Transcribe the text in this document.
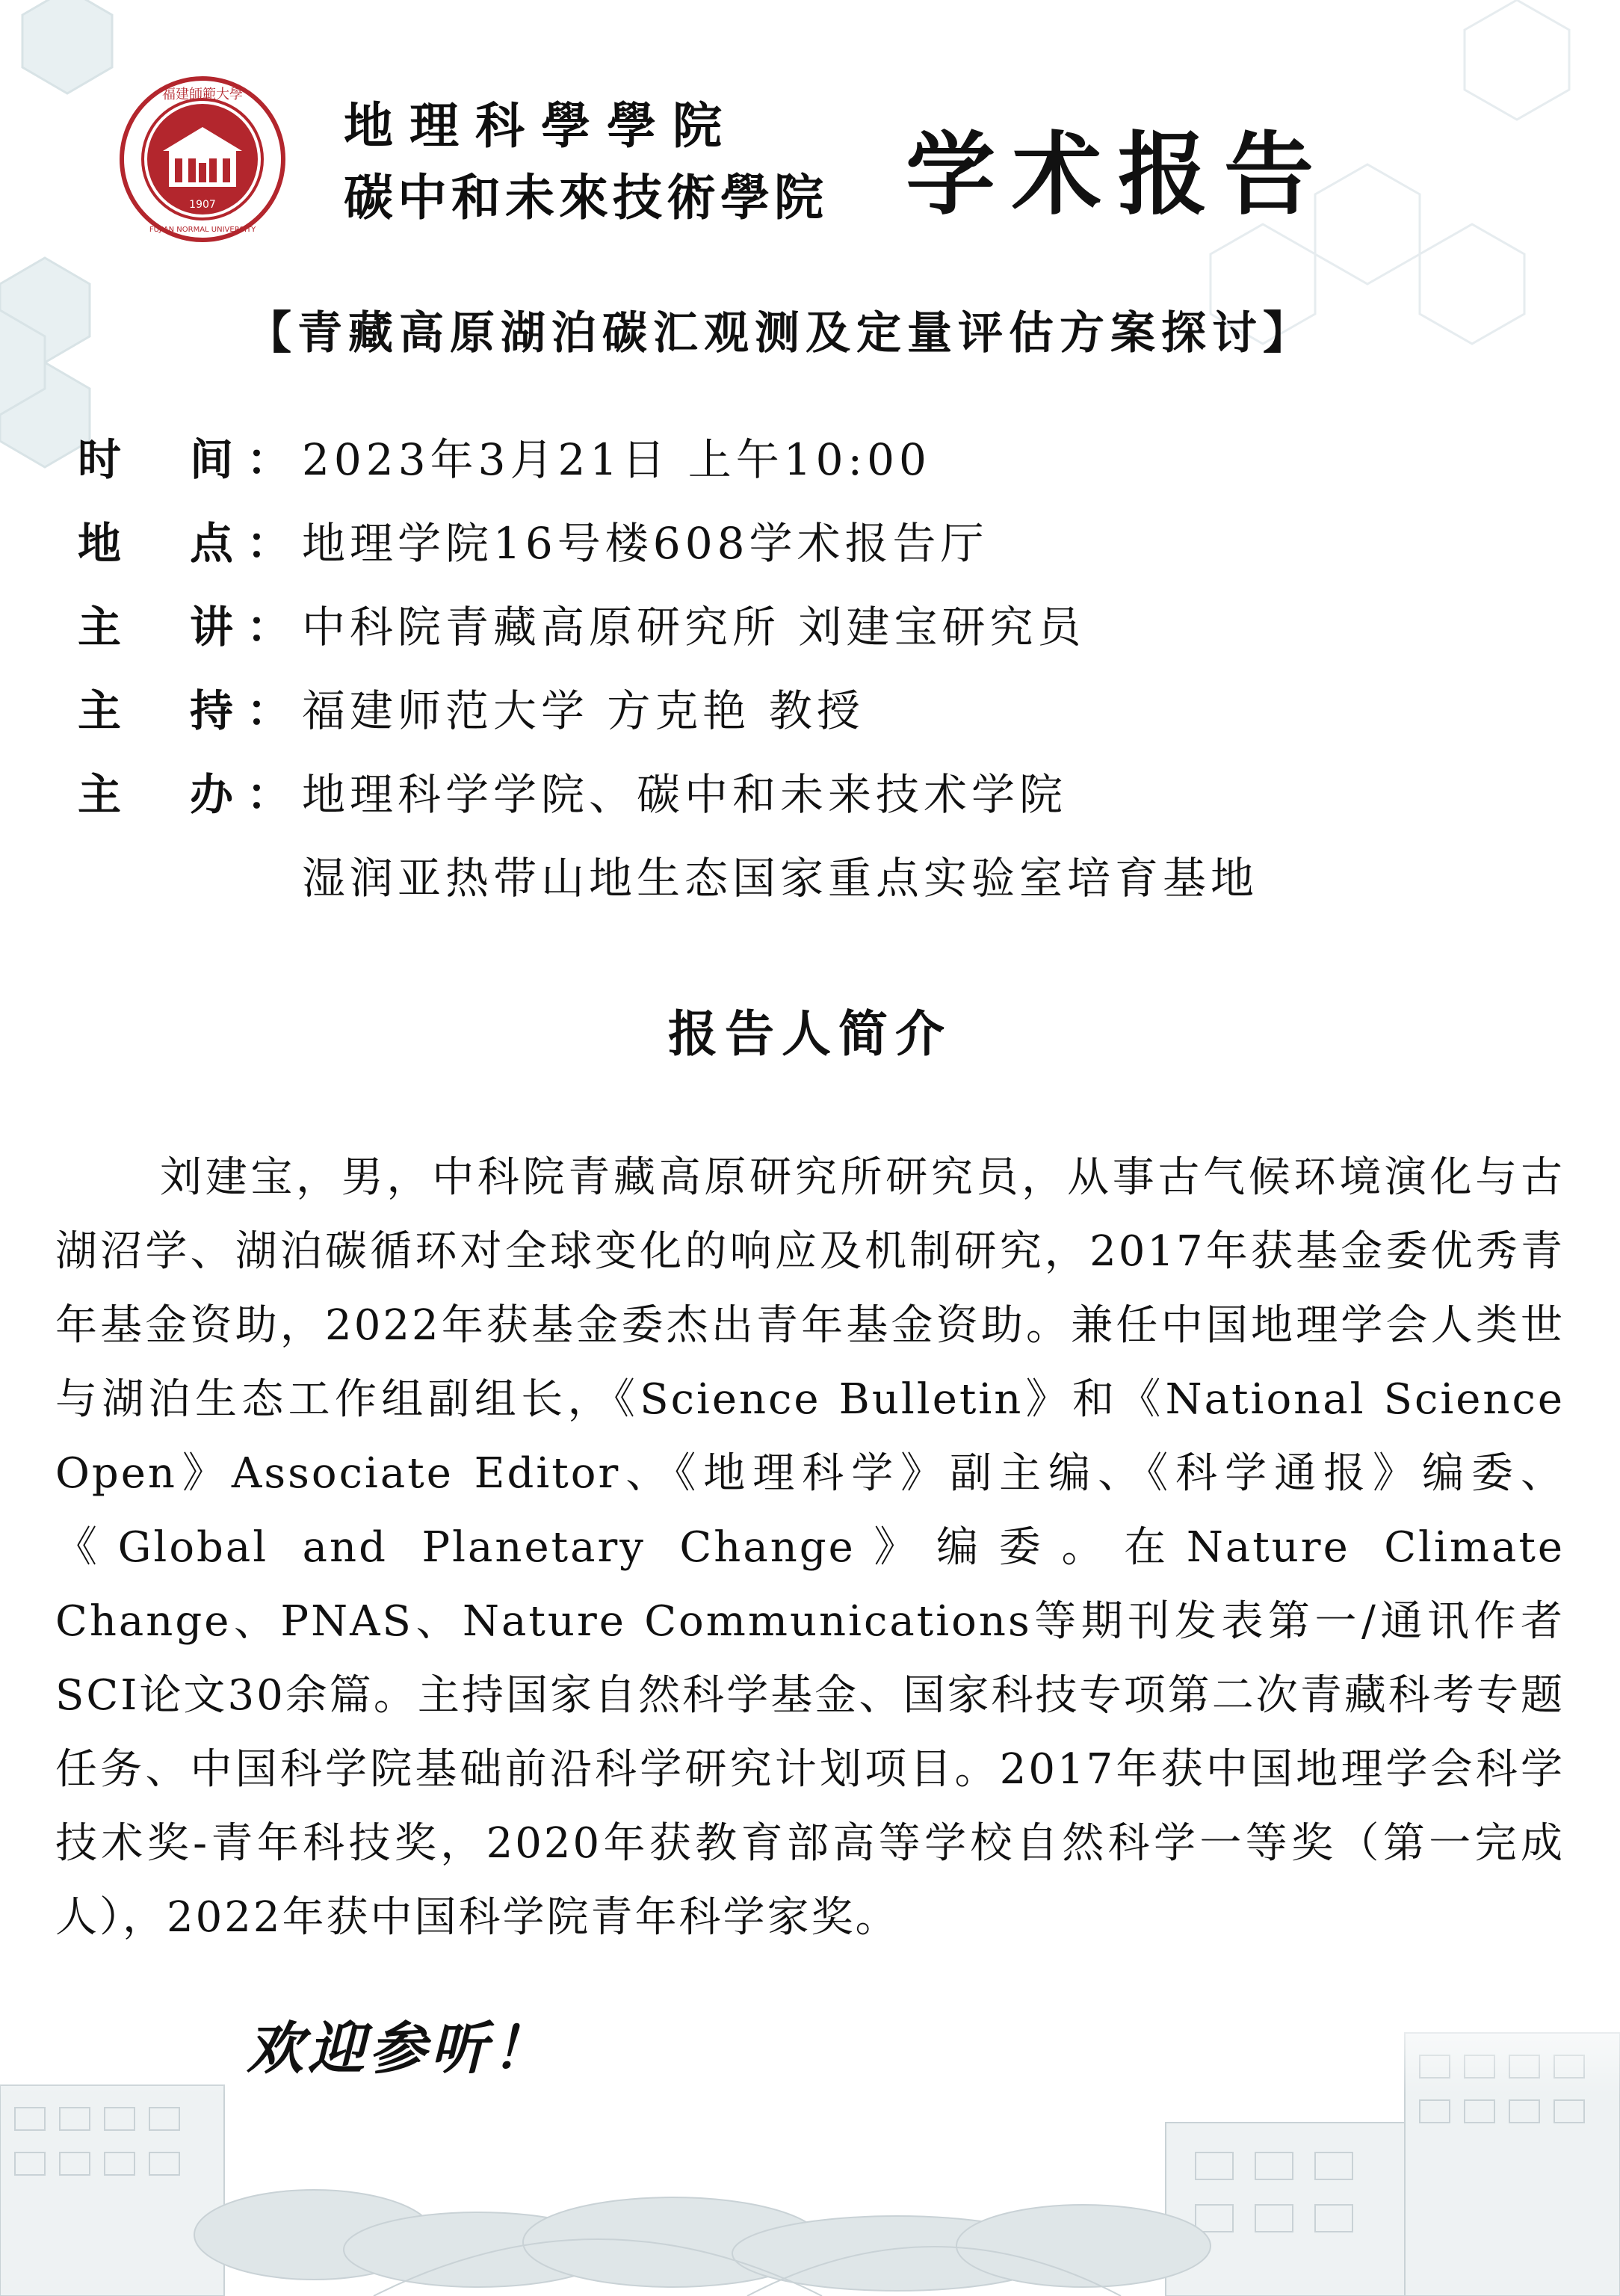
1907
福建師範大學
FUJIAN NORMAL UNIVERSITY
地理科學學院
碳中和未來技術學院 学术报告
【青藏高原湖泊碳汇观测及定量评估方案探讨】
时 间 ： 2023年3月21日 上午10:00
地 点 ： 地理学院16号楼608学术报告厅
主 讲 ： 中科院青藏高原研究所 刘建宝研究员
主 持 ： 福建师范大学 方克艳 教授
主 办 ： 地理科学学院、碳中和未来技术学院
湿润亚热带山地生态国家重点实验室培育基地
报告人简介
刘建宝，男，中科院青藏高原研究所研究员，从事古气候环境演化与古湖沼学、湖泊碳循环对全球变化的响应及机制研究，2017年获基金委优秀青年基金资助，2022年获基金委杰出青年基金资助。兼任中国地理学会人类世与湖泊生态工作组副组长，《Science Bulletin》和《National Science Open》Associate Editor、《地理科学》副主编、《科学通报》编委、《Global and Planetary Change》编委。在Nature Climate Change、PNAS、Nature Communications等期刊发表第一/通讯作者SCI论文30余篇。主持国家自然科学基金、国家科技专项第二次青藏科考专题任务、中国科学院基础前沿科学研究计划项目。2017年获中国地理学会科学技术奖-青年科技奖，2020年获教育部高等学校自然科学一等奖（第一完成人），2022年获中国科学院青年科学家奖。
欢迎参听！
